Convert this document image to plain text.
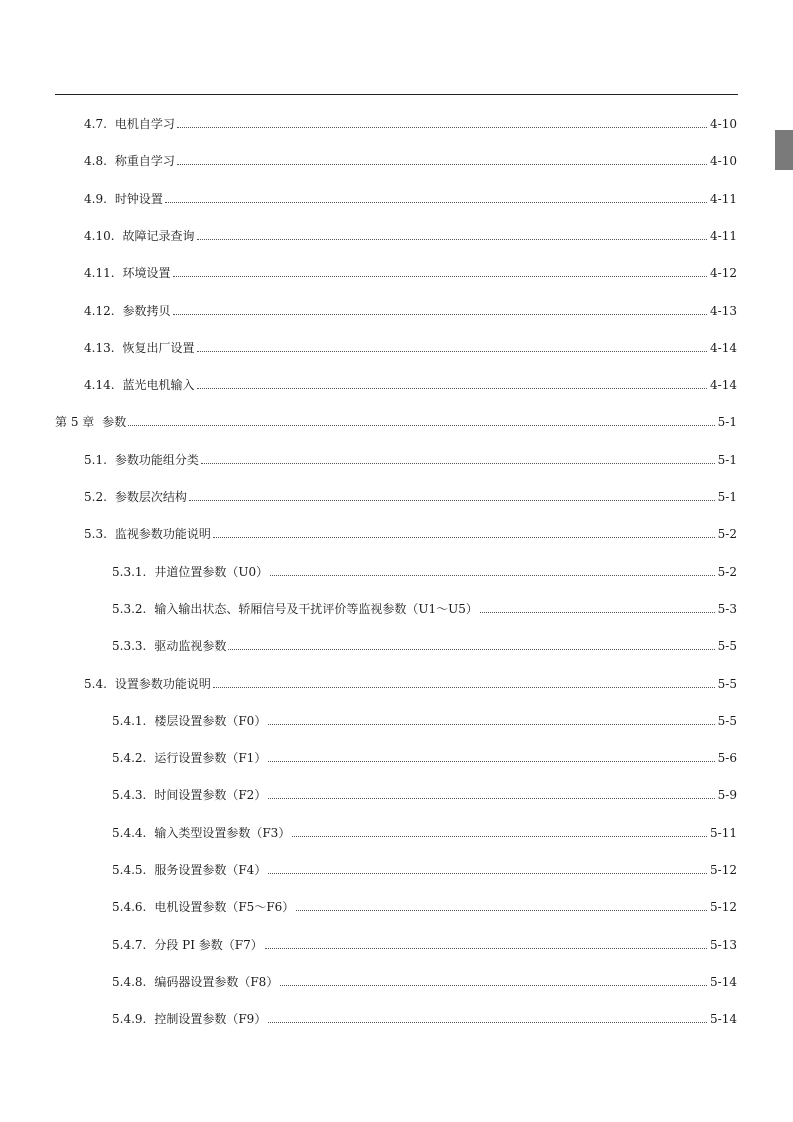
4.7. 电机自学习	4-10
4.8. 称重自学习	4-10
4.9. 时钟设置	4-11
4.10. 故障记录查询	4-11
4.11. 环境设置	4-12
4.12. 参数拷贝	4-13
4.13. 恢复出厂设置	4-14
4.14. 蓝光电机输入	4-14
第 5 章 参数	5-1
5.1. 参数功能组分类	5-1
5.2. 参数层次结构	5-1
5.3. 监视参数功能说明	5-2
5.3.1. 井道位置参数（U0）	5-2
5.3.2. 输入输出状态、轿厢信号及干扰评价等监视参数（U1～U5）	5-3
5.3.3. 驱动监视参数	5-5
5.4. 设置参数功能说明	5-5
5.4.1. 楼层设置参数（F0）	5-5
5.4.2. 运行设置参数（F1）	5-6
5.4.3. 时间设置参数（F2）	5-9
5.4.4. 输入类型设置参数（F3）	5-11
5.4.5. 服务设置参数（F4）	5-12
5.4.6. 电机设置参数（F5～F6）	5-12
5.4.7. 分段 PI 参数（F7）	5-13
5.4.8. 编码器设置参数（F8）	5-14
5.4.9. 控制设置参数（F9）	5-14
